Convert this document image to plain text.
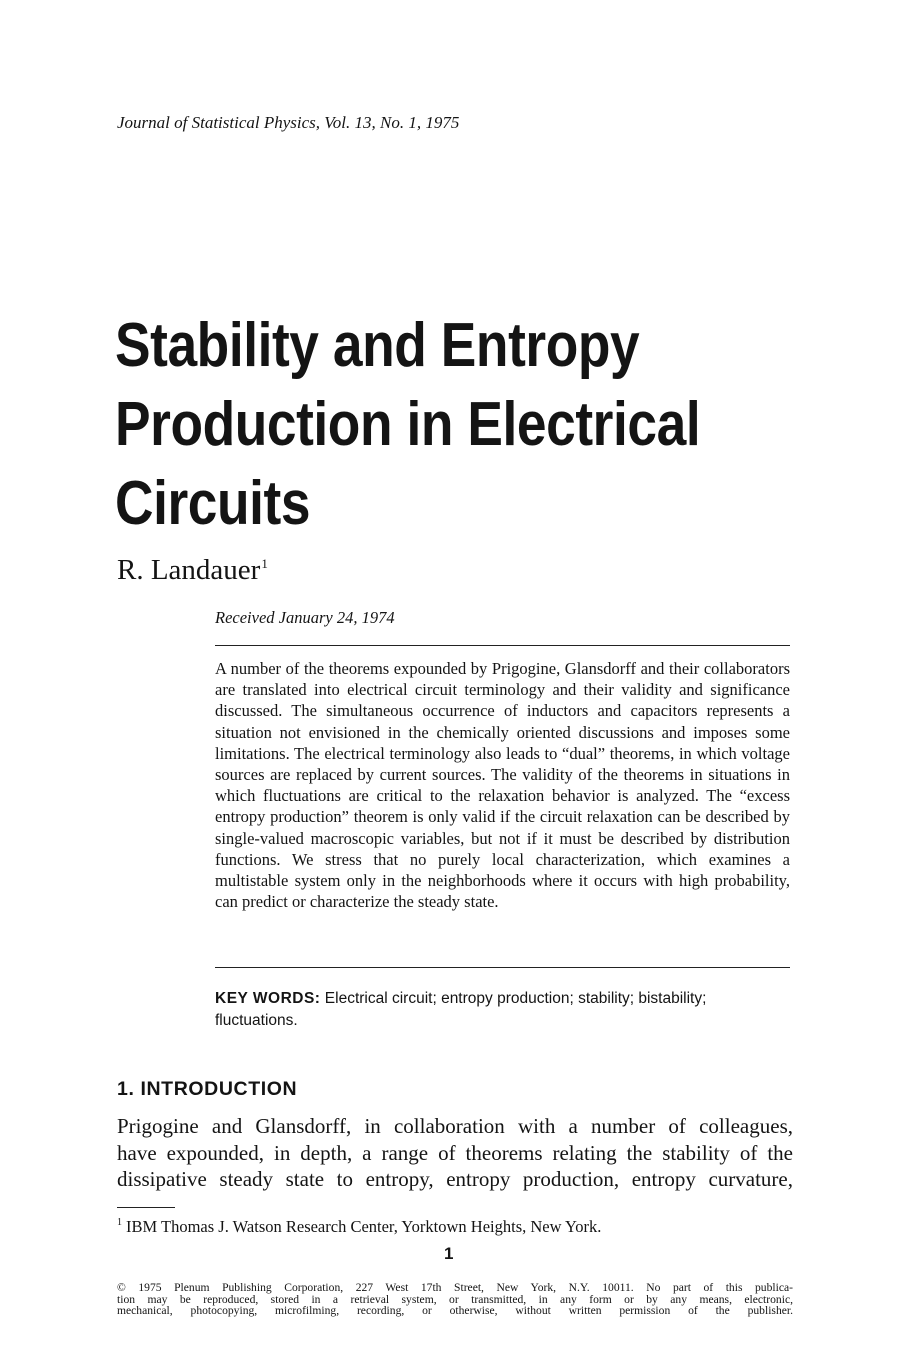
Journal of Statistical Physics, Vol. 13, No. 1, 1975
Stability and Entropy
Production in Electrical
Circuits
R. Landauer$^1$
Received January 24, 1974
A number of the theorems expounded by Prigogine, Glansdorff and their collaborators are translated into electrical circuit terminology and their validity and significance discussed. The simultaneous occurrence of inductors and capacitors represents a situation not envisioned in the chemically oriented discussions and imposes some limitations. The electrical terminology also leads to “dual” theorems, in which voltage sources are replaced by current sources. The validity of the theorems in situations in which fluctuations are critical to the relaxation behavior is analyzed. The “excess entropy production” theorem is only valid if the circuit relaxation can be described by single-valued macroscopic variables, but not if it must be described by distribution functions. We stress that no purely local characterization, which examines a multistable system only in the neighborhoods where it occurs with high probability, can predict or characterize the steady state.
KEY WORDS: Electrical circuit; entropy production; stability; bistability; fluctuations.
1. INTRODUCTION
Prigogine and Glansdorff, in collaboration with a number of colleagues,
have expounded, in depth, a range of theorems relating the stability of the
dissipative steady state to entropy, entropy production, entropy curvature,
$^1$ IBM Thomas J. Watson Research Center, Yorktown Heights, New York.
1
© 1975 Plenum Publishing Corporation, 227 West 17th Street, New York, N.Y. 10011. No part of this publica-
tion may be reproduced, stored in a retrieval system, or transmitted, in any form or by any means, electronic,
mechanical, photocopying, microfilming, recording, or otherwise, without written permission of the publisher.
